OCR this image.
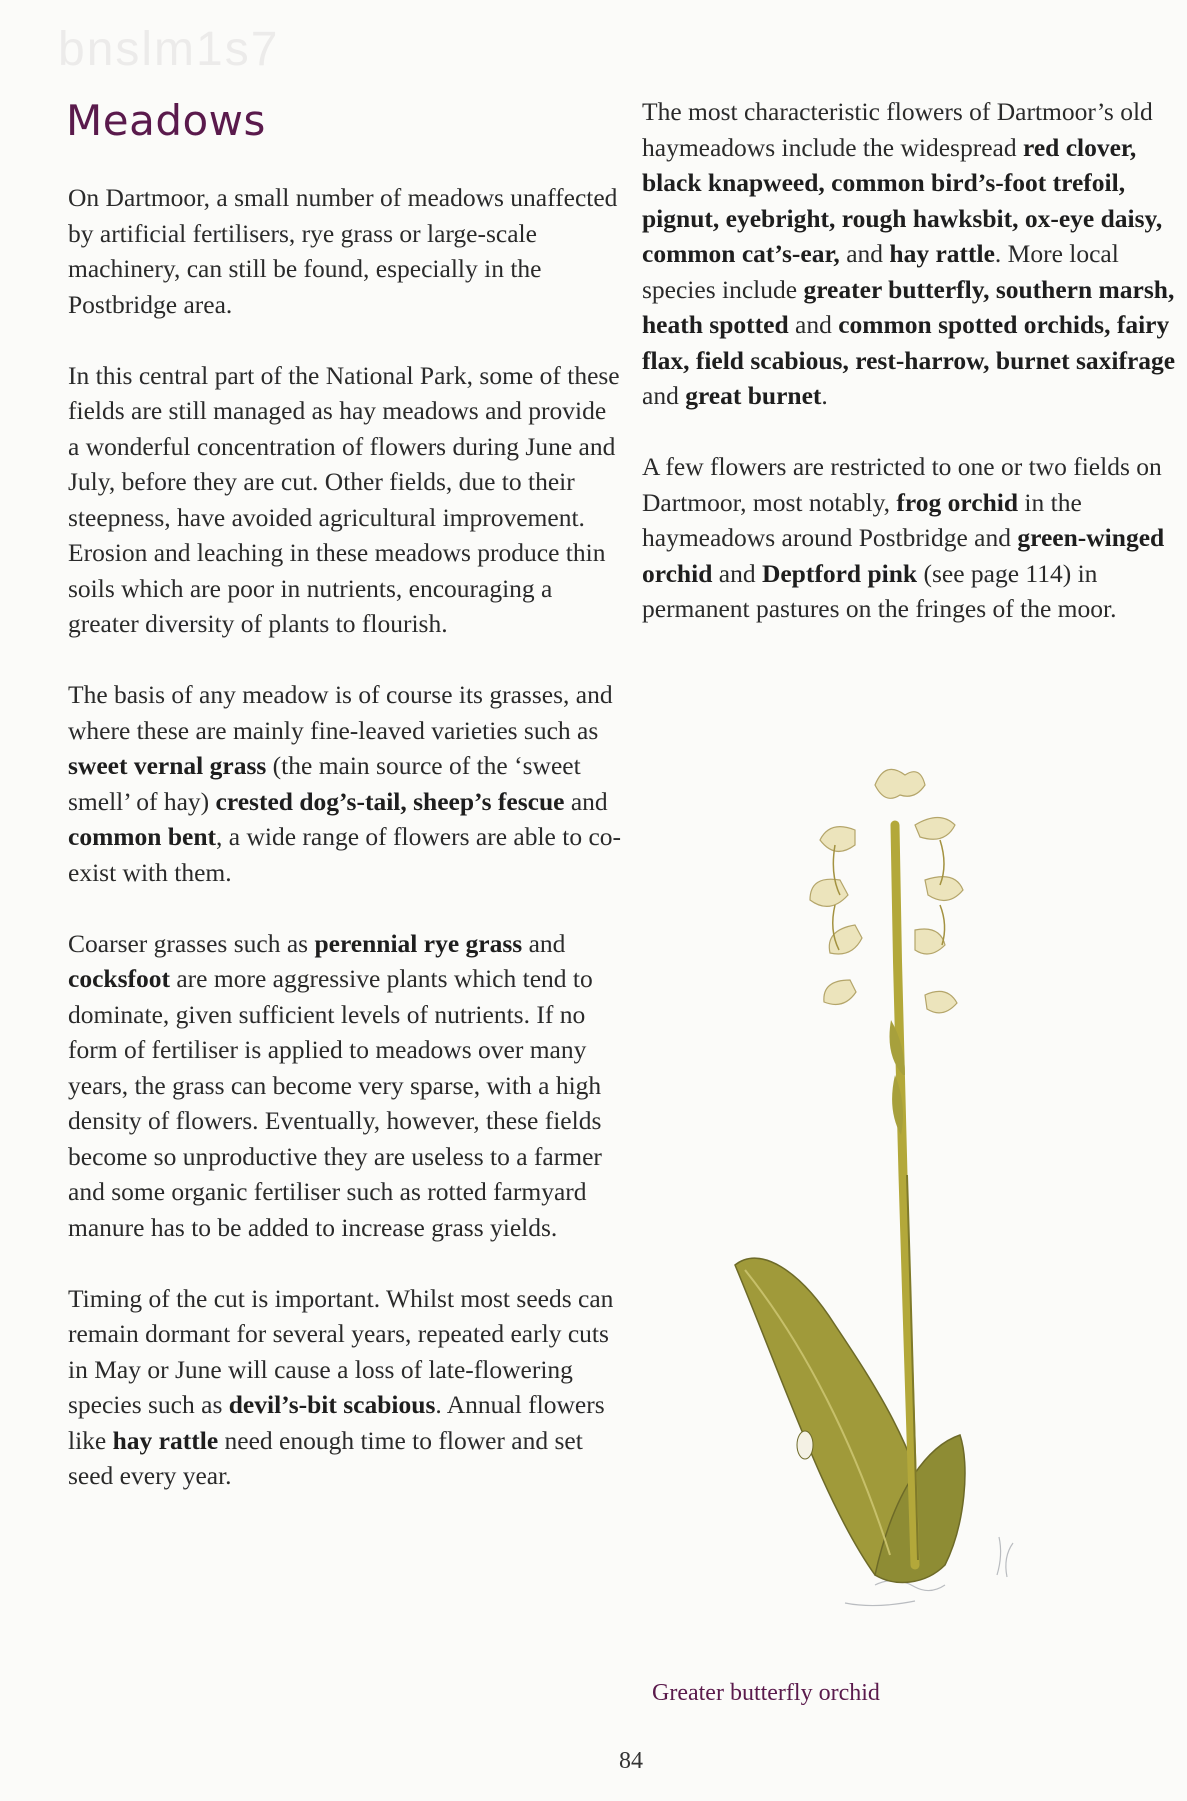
bnslm1s7
Meadows

On Dartmoor, a small number of meadows unaffected by artificial fertilisers, rye grass or large-scale machinery, can still be found, especially in the Postbridge area.

In this central part of the National Park, some of these fields are still managed as hay meadows and provide a wonderful concentration of flowers during June and July, before they are cut. Other fields, due to their steepness, have avoided agricultural improvement. Erosion and leaching in these meadows produce thin soils which are poor in nutrients, encouraging a greater diversity of plants to flourish.

The basis of any meadow is of course its grasses, and where these are mainly fine-leaved varieties such as sweet vernal grass (the main source of the ‘sweet smell’ of hay) crested dog’s-tail, sheep’s fescue and common bent, a wide range of flowers are able to co-exist with them.

Coarser grasses such as perennial rye grass and cocksfoot are more aggressive plants which tend to dominate, given sufficient levels of nutrients. If no form of fertiliser is applied to meadows over many years, the grass can become very sparse, with a high density of flowers. Eventually, however, these fields become so unproductive they are useless to a farmer and some organic fertiliser such as rotted farmyard manure has to be added to increase grass yields.

Timing of the cut is important. Whilst most seeds can remain dormant for several years, repeated early cuts in May or June will cause a loss of late-flowering species such as devil’s-bit scabious. Annual flowers like hay rattle need enough time to flower and set seed every year.

The most characteristic flowers of Dartmoor’s old haymeadows include the widespread red clover, black knapweed, common bird’s-foot trefoil, pignut, eyebright, rough hawksbit, ox-eye daisy, common cat’s-ear, and hay rattle. More local species include greater butterfly, southern marsh, heath spotted and common spotted orchids, fairy flax, field scabious, rest-harrow, burnet saxifrage and great burnet.

A few flowers are restricted to one or two fields on Dartmoor, most notably, frog orchid in the haymeadows around Postbridge and green-winged orchid and Deptford pink (see page 114) in permanent pastures on the fringes of the moor.

Greater butterfly orchid
84
